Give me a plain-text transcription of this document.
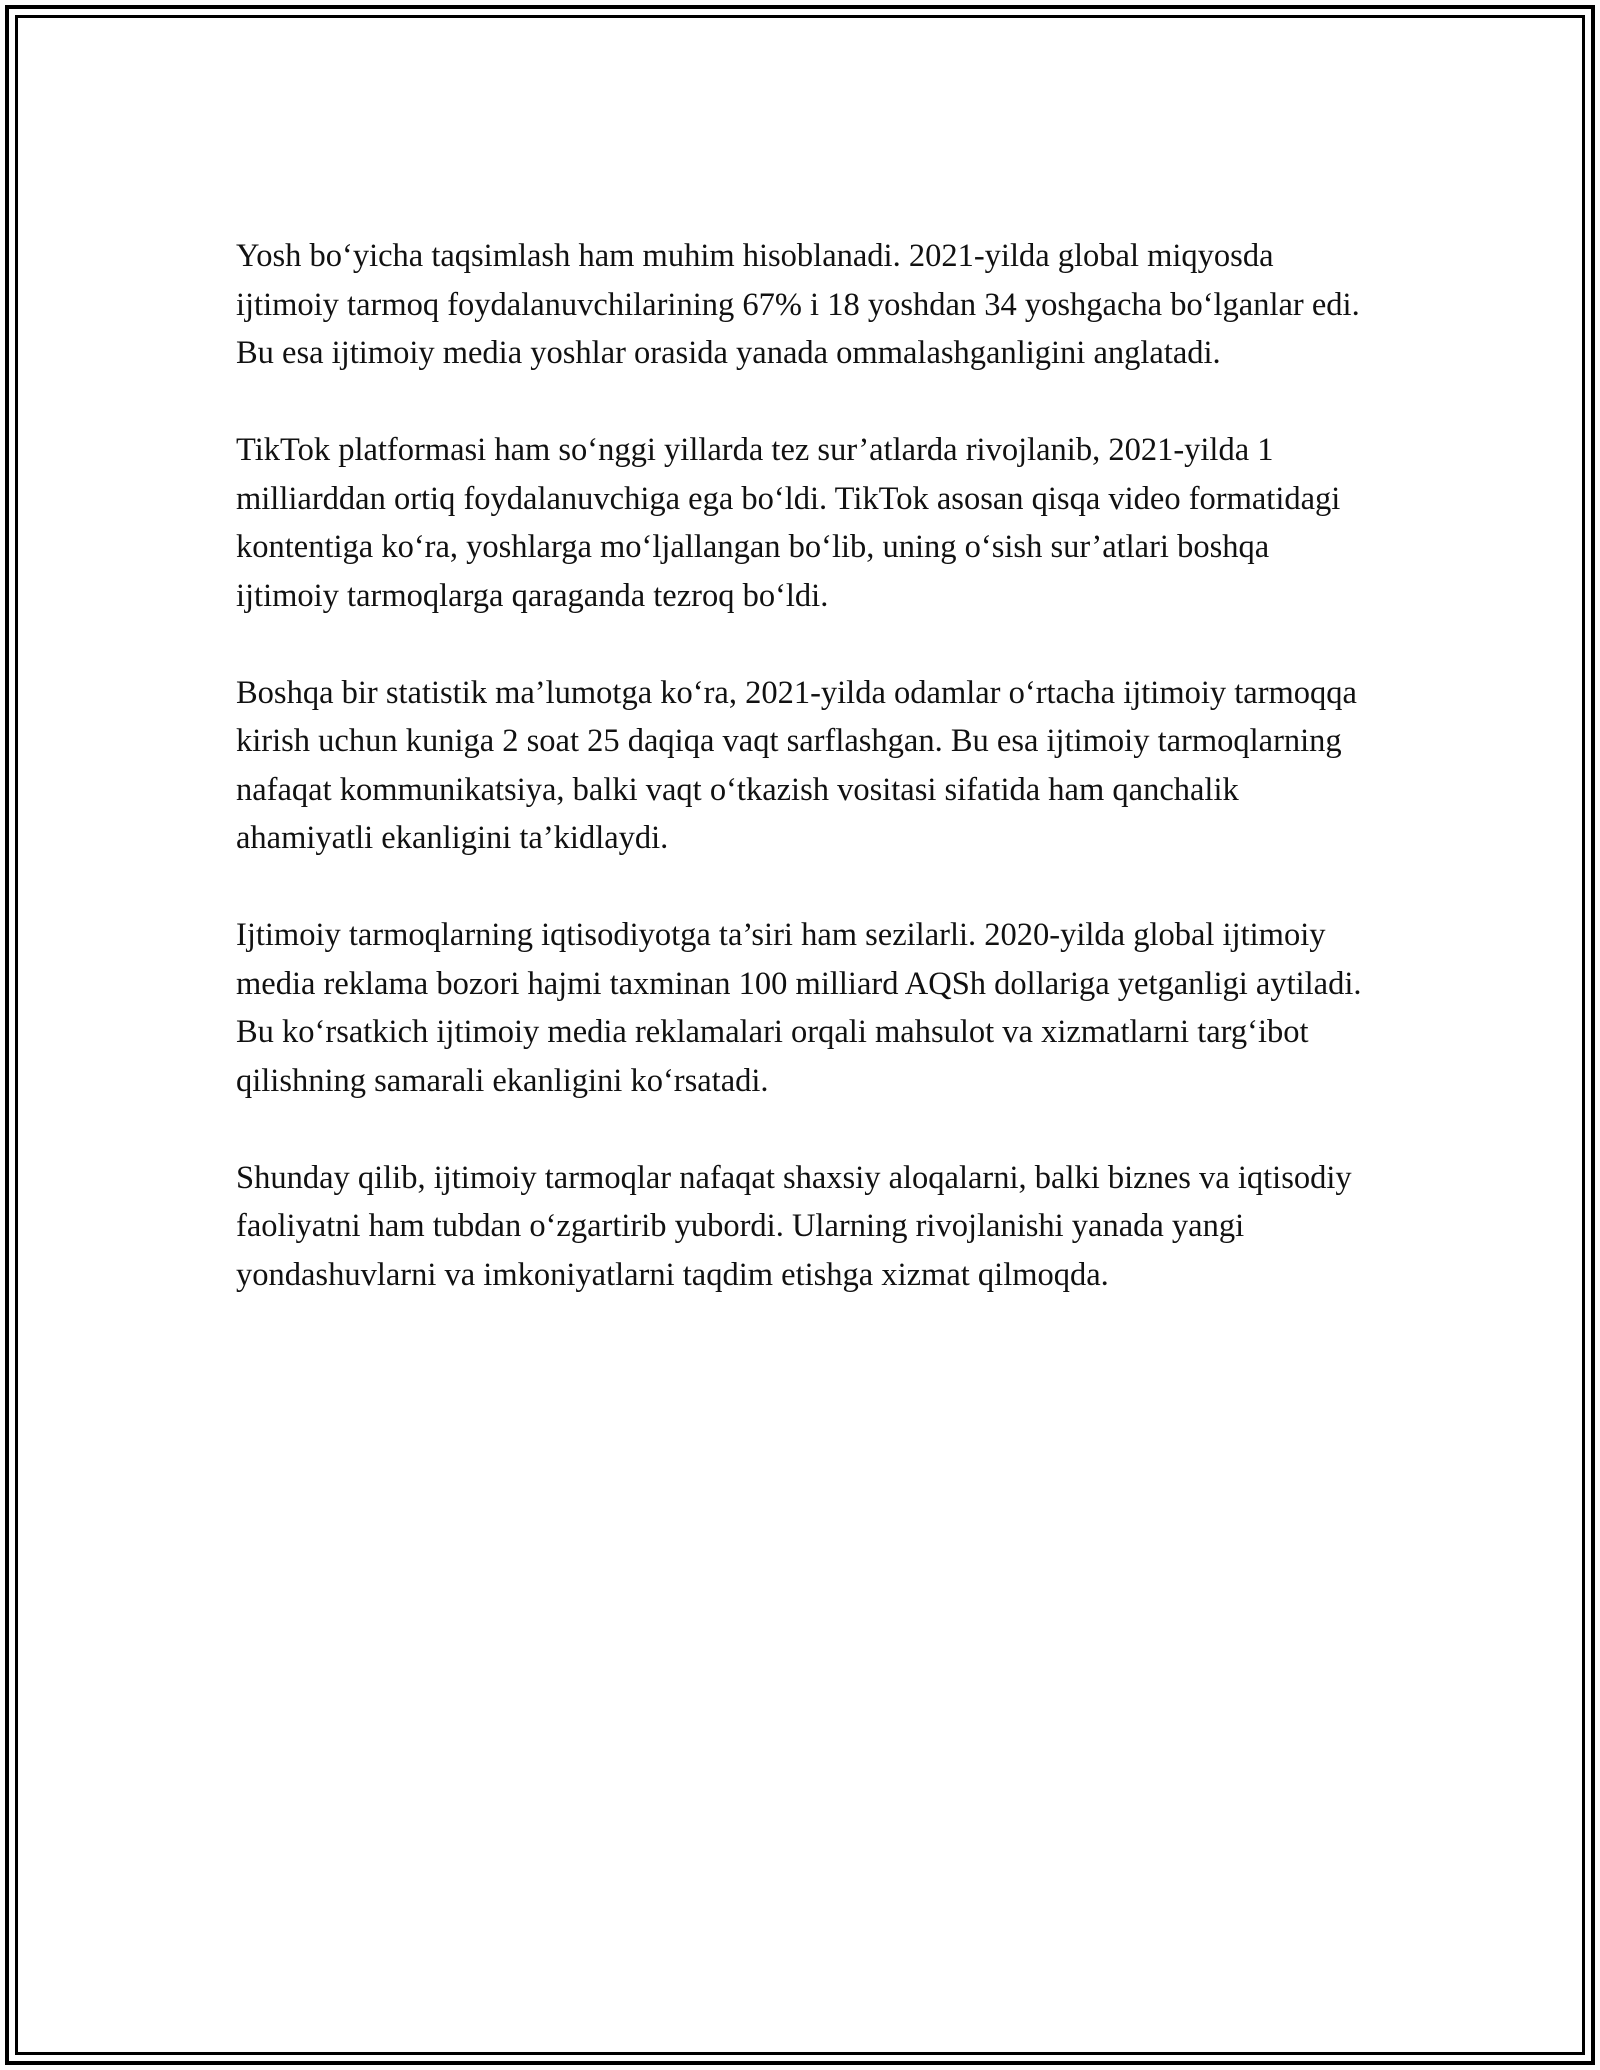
Yosh bo‘yicha taqsimlash ham muhim hisoblanadi. 2021-yilda global miqyosda ijtimoiy tarmoq foydalanuvchilarining 67% i 18 yoshdan 34 yoshgacha bo‘lganlar edi. Bu esa ijtimoiy media yoshlar orasida yanada ommalashganligini anglatadi.

TikTok platformasi ham so‘nggi yillarda tez sur’atlarda rivojlanib, 2021-yilda 1 milliarddan ortiq foydalanuvchiga ega bo‘ldi. TikTok asosan qisqa video formatidagi kontentiga ko‘ra, yoshlarga mo‘ljallangan bo‘lib, uning o‘sish sur’atlari boshqa ijtimoiy tarmoqlarga qaraganda tezroq bo‘ldi.

Boshqa bir statistik ma’lumotga ko‘ra, 2021-yilda odamlar o‘rtacha ijtimoiy tarmoqqa kirish uchun kuniga 2 soat 25 daqiqa vaqt sarflashgan. Bu esa ijtimoiy tarmoqlarning nafaqat kommunikatsiya, balki vaqt o‘tkazish vositasi sifatida ham qanchalik ahamiyatli ekanligini ta’kidlaydi.

Ijtimoiy tarmoqlarning iqtisodiyotga ta’siri ham sezilarli. 2020-yilda global ijtimoiy media reklama bozori hajmi taxminan 100 milliard AQSh dollariga yetganligi aytiladi. Bu ko‘rsatkich ijtimoiy media reklamalari orqali mahsulot va xizmatlarni targ‘ibot qilishning samarali ekanligini ko‘rsatadi.

Shunday qilib, ijtimoiy tarmoqlar nafaqat shaxsiy aloqalarni, balki biznes va iqtisodiy faoliyatni ham tubdan o‘zgartirib yubordi. Ularning rivojlanishi yanada yangi yondashuvlarni va imkoniyatlarni taqdim etishga xizmat qilmoqda.
